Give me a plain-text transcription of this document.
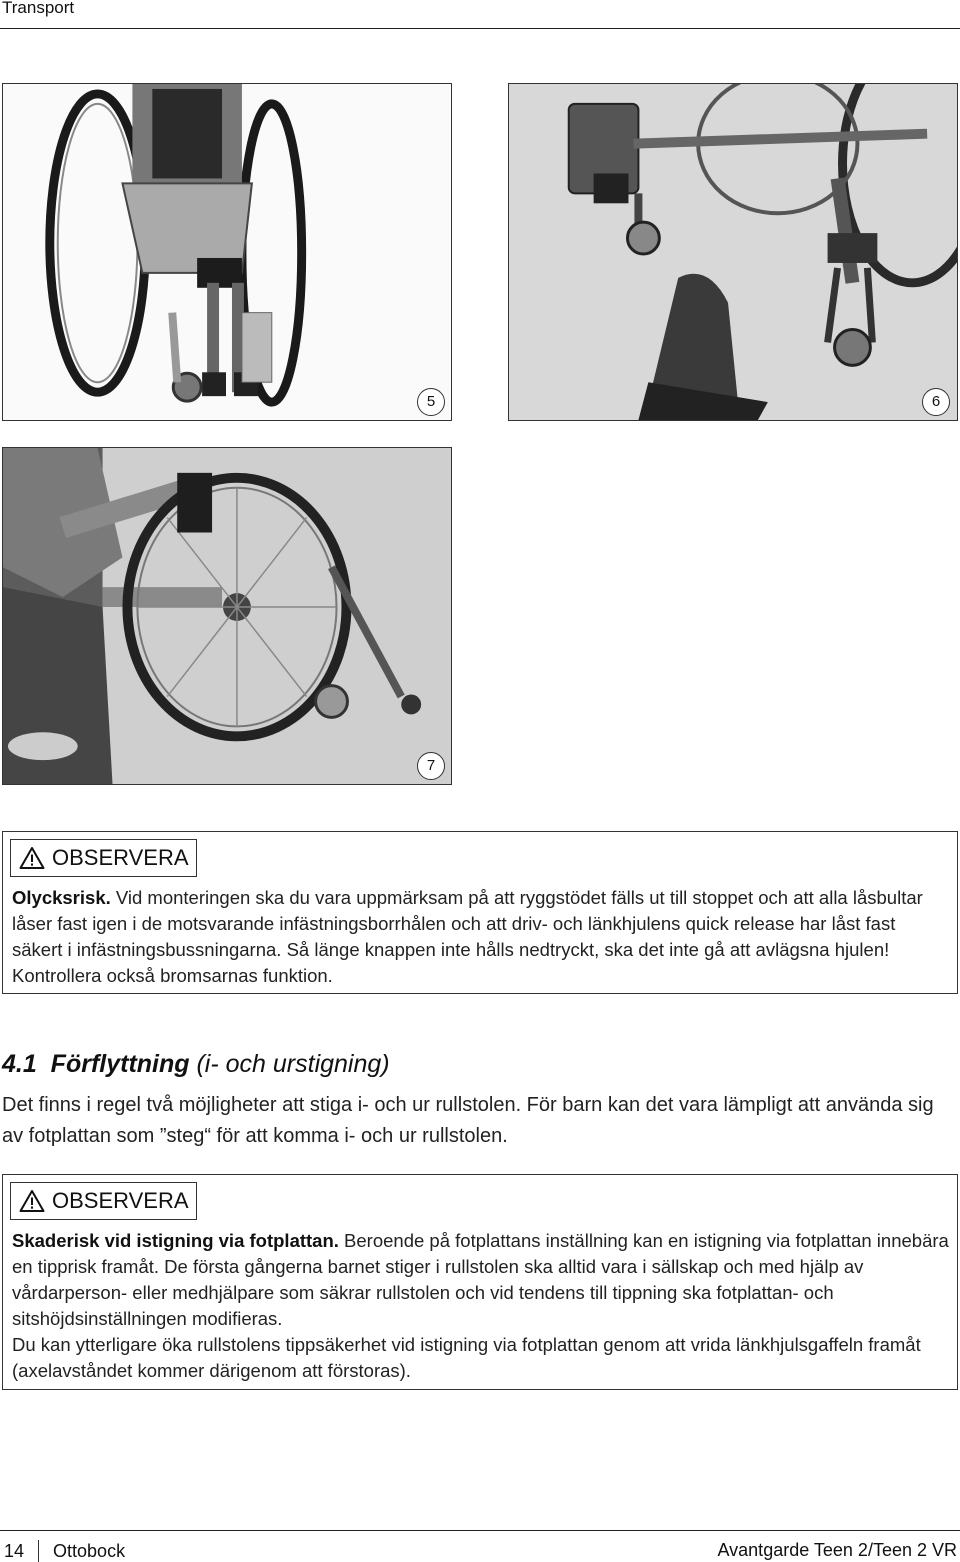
Transport
5	6
7
OBSERVERA
Olycksrisk. Vid monteringen ska du vara uppmärksam på att ryggstödet fälls ut till stoppet och att alla låsbultar låser fast igen i de motsvarande infästningsborrhålen och att driv- och länkhjulens quick release har låst fast säkert i infästningsbussningarna. Så länge knappen inte hålls nedtryckt, ska det inte gå att avlägsna hjulen! Kontrollera också bromsarnas funktion.
4.1 Förflyttning (i- och urstigning)
Det finns i regel två möjligheter att stiga i- och ur rullstolen. För barn kan det vara lämpligt att använda sig av fotplattan som ”steg“ för att komma i- och ur rullstolen.
OBSERVERA
Skaderisk vid istigning via fotplattan. Beroende på fotplattans inställning kan en istigning via fotplattan innebära en tipprisk framåt. De första gångerna barnet stiger i rullstolen ska alltid vara i sällskap och med hjälp av vårdarperson- eller medhjälpare som säkrar rullstolen och vid tendens till tippning ska fotplattan- och sitshöjdsinställningen modifieras.
Du kan ytterligare öka rullstolens tippsäkerhet vid istigning via fotplattan genom att vrida länkhjulsgaffeln framåt (axelavståndet kommer därigenom att förstoras).
14 Ottobock	Avantgarde Teen 2/Teen 2 VR
